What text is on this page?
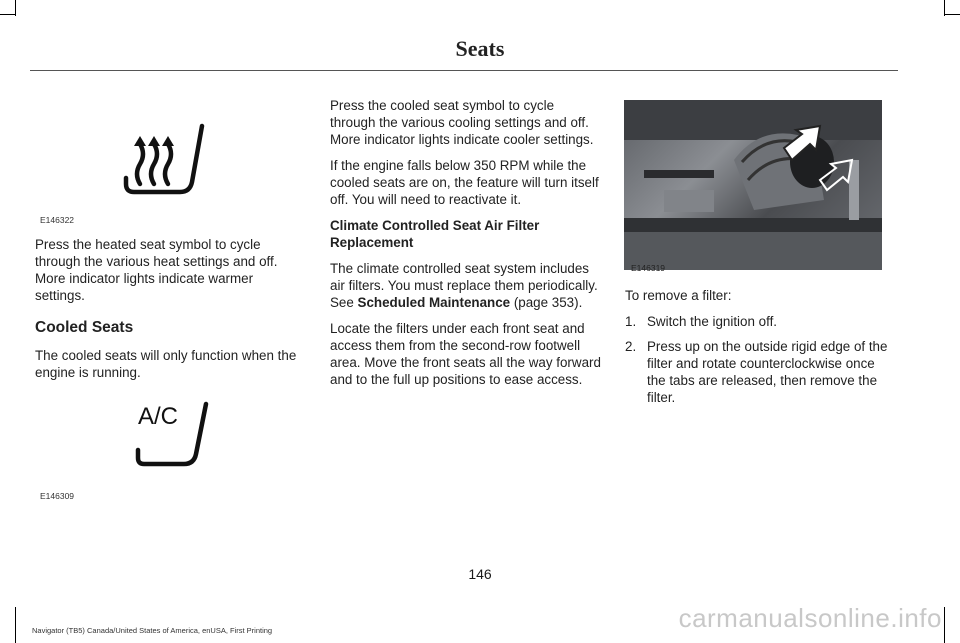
Seats
E146322

Press the heated seat symbol to cycle through the various heat settings and off. More indicator lights indicate warmer settings.

Cooled Seats

The cooled seats will only function when the engine is running.

A/C
E146309

Press the cooled seat symbol to cycle through the various cooling settings and off. More indicator lights indicate cooler settings.

If the engine falls below 350 RPM while the cooled seats are on, the feature will turn itself off. You will need to reactivate it.

Climate Controlled Seat Air Filter Replacement

The climate controlled seat system includes air filters. You must replace them periodically. See Scheduled Maintenance (page 353).

Locate the filters under each front seat and access them from the second-row footwell area. Move the front seats all the way forward and to the full up positions to ease access.

E146319

To remove a filter:

1. Switch the ignition off.
2. Press up on the outside rigid edge of the filter and rotate counterclockwise once the tabs are released, then remove the filter.
146
Navigator (TB5) Canada/United States of America, enUSA, First Printing	carmanualsonline.info
